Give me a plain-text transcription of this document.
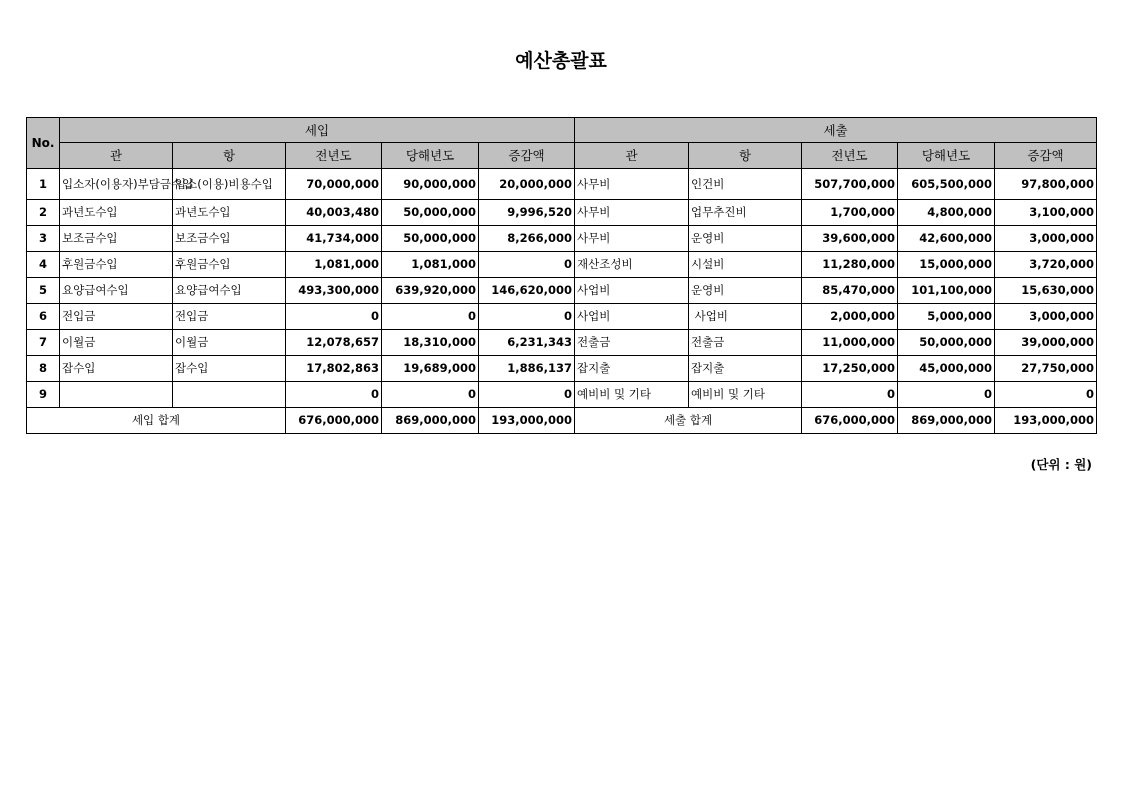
예산총괄표
No.	세입					세출				
	관	항	전년도	당해년도	증감액	관	항	전년도	당해년도	증감액
1	입소자(이용자)부담금수입	입소(이용)비용수입	70,000,000	90,000,000	20,000,000	사무비	인건비	507,700,000	605,500,000	97,800,000
2	과년도수입	과년도수입	40,003,480	50,000,000	9,996,520	사무비	업무추진비	1,700,000	4,800,000	3,100,000
3	보조금수입	보조금수입	41,734,000	50,000,000	8,266,000	사무비	운영비	39,600,000	42,600,000	3,000,000
4	후원금수입	후원금수입	1,081,000	1,081,000	0	재산조성비	시설비	11,280,000	15,000,000	3,720,000
5	요양급여수입	요양급여수입	493,300,000	639,920,000	146,620,000	사업비	운영비	85,470,000	101,100,000	15,630,000
6	전입금	전입금	0	0	0	사업비	사업비	2,000,000	5,000,000	3,000,000
7	이월금	이월금	12,078,657	18,310,000	6,231,343	전출금	전출금	11,000,000	50,000,000	39,000,000
8	잡수입	잡수입	17,802,863	19,689,000	1,886,137	잡지출	잡지출	17,250,000	45,000,000	27,750,000
9			0	0	0	예비비 및 기타	예비비 및 기타	0	0	0
세입 합계			676,000,000	869,000,000	193,000,000	세출 합계		676,000,000	869,000,000	193,000,000
(단위 : 원)
